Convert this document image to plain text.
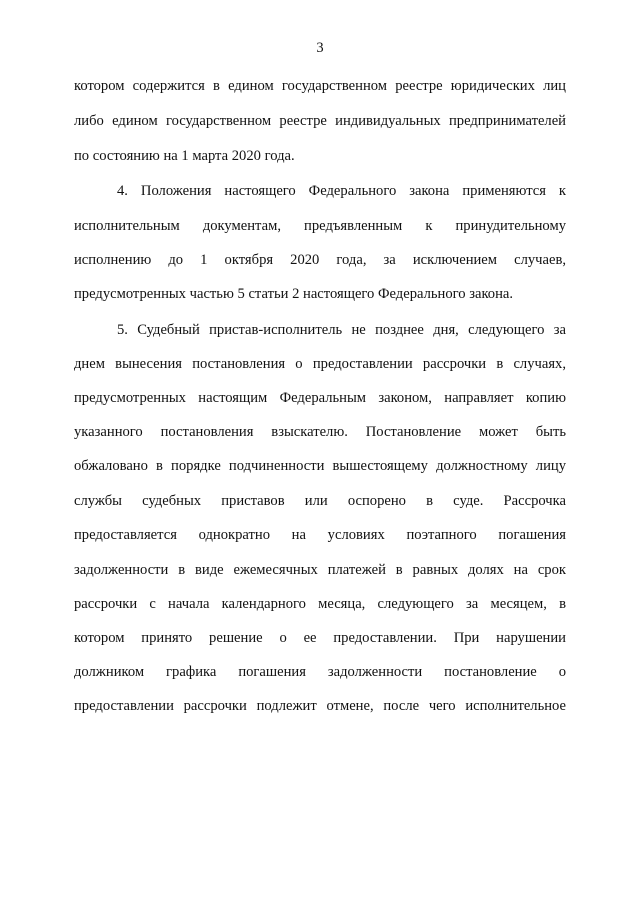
3
котором содержится в едином государственном реестре юридических лиц
либо едином государственном реестре индивидуальных предпринимателей
по состоянию на 1 марта 2020 года.
4. Положения настоящего Федерального закона применяются к
исполнительным документам, предъявленным к принудительному
исполнению до 1 октября 2020 года, за исключением случаев,
предусмотренных частью 5 статьи 2 настоящего Федерального закона.
5. Судебный пристав-исполнитель не позднее дня, следующего за
днем вынесения постановления о предоставлении рассрочки в случаях,
предусмотренных настоящим Федеральным законом, направляет копию
указанного постановления взыскателю. Постановление может быть
обжаловано в порядке подчиненности вышестоящему должностному лицу
службы судебных приставов или оспорено в суде. Рассрочка
предоставляется однократно на условиях поэтапного погашения
задолженности в виде ежемесячных платежей в равных долях на срок
рассрочки с начала календарного месяца, следующего за месяцем, в
котором принято решение о ее предоставлении. При нарушении
должником графика погашения задолженности постановление о
предоставлении рассрочки подлежит отмене, после чего исполнительное
